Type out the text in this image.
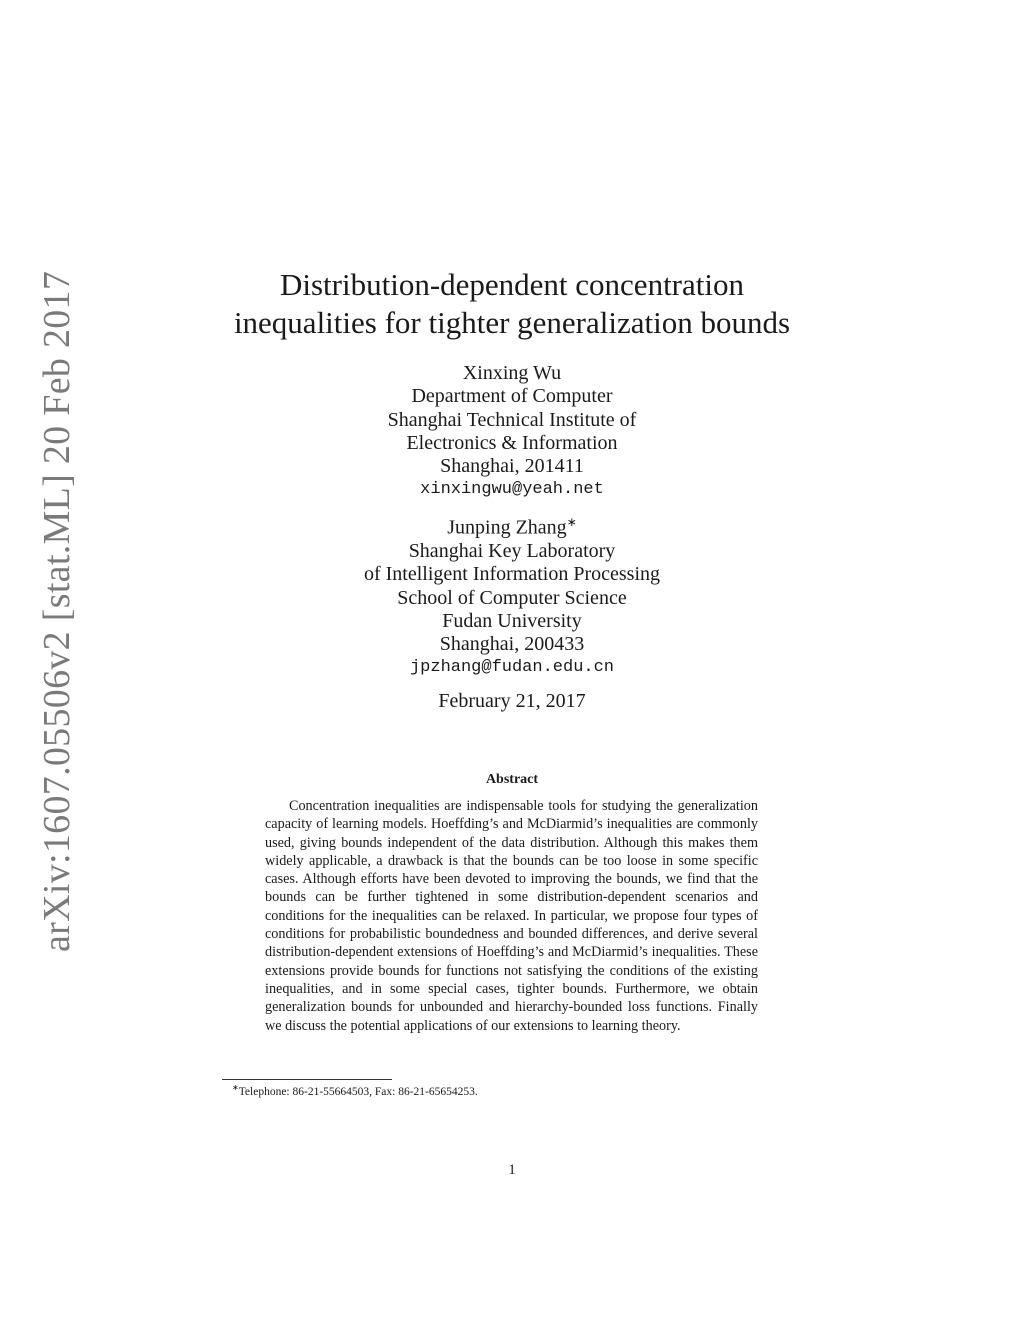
arXiv:1607.05506v2 [stat.ML] 20 Feb 2017	Distribution-dependent concentration
inequalities for tighter generalization bounds
Xinxing Wu
Department of Computer
Shanghai Technical Institute of
Electronics & Information
Shanghai, 201411
xinxingwu@yeah.net
Junping Zhang∗
Shanghai Key Laboratory
of Intelligent Information Processing
School of Computer Science
Fudan University
Shanghai, 200433
jpzhang@fudan.edu.cn
February 21, 2017
Abstract
Concentration inequalities are indispensable tools for studying the generalization capacity of learning models. Hoeffding’s and McDiarmid’s inequalities are commonly used, giving bounds independent of the data distribution. Although this makes them widely applicable, a drawback is that the bounds can be too loose in some specific cases. Although efforts have been devoted to improving the bounds, we find that the bounds can be further tightened in some distribution-dependent scenarios and conditions for the inequalities can be relaxed. In particular, we propose four types of conditions for probabilistic boundedness and bounded differences, and derive several distribution-dependent extensions of Hoeffding’s and McDiarmid’s inequalities. These extensions provide bounds for functions not satisfying the conditions of the existing inequalities, and in some special cases, tighter bounds. Furthermore, we obtain generalization bounds for unbounded and hierarchy-bounded loss functions. Finally we discuss the potential applications of our extensions to learning theory.
∗Telephone: 86-21-55664503, Fax: 86-21-65654253.
1
